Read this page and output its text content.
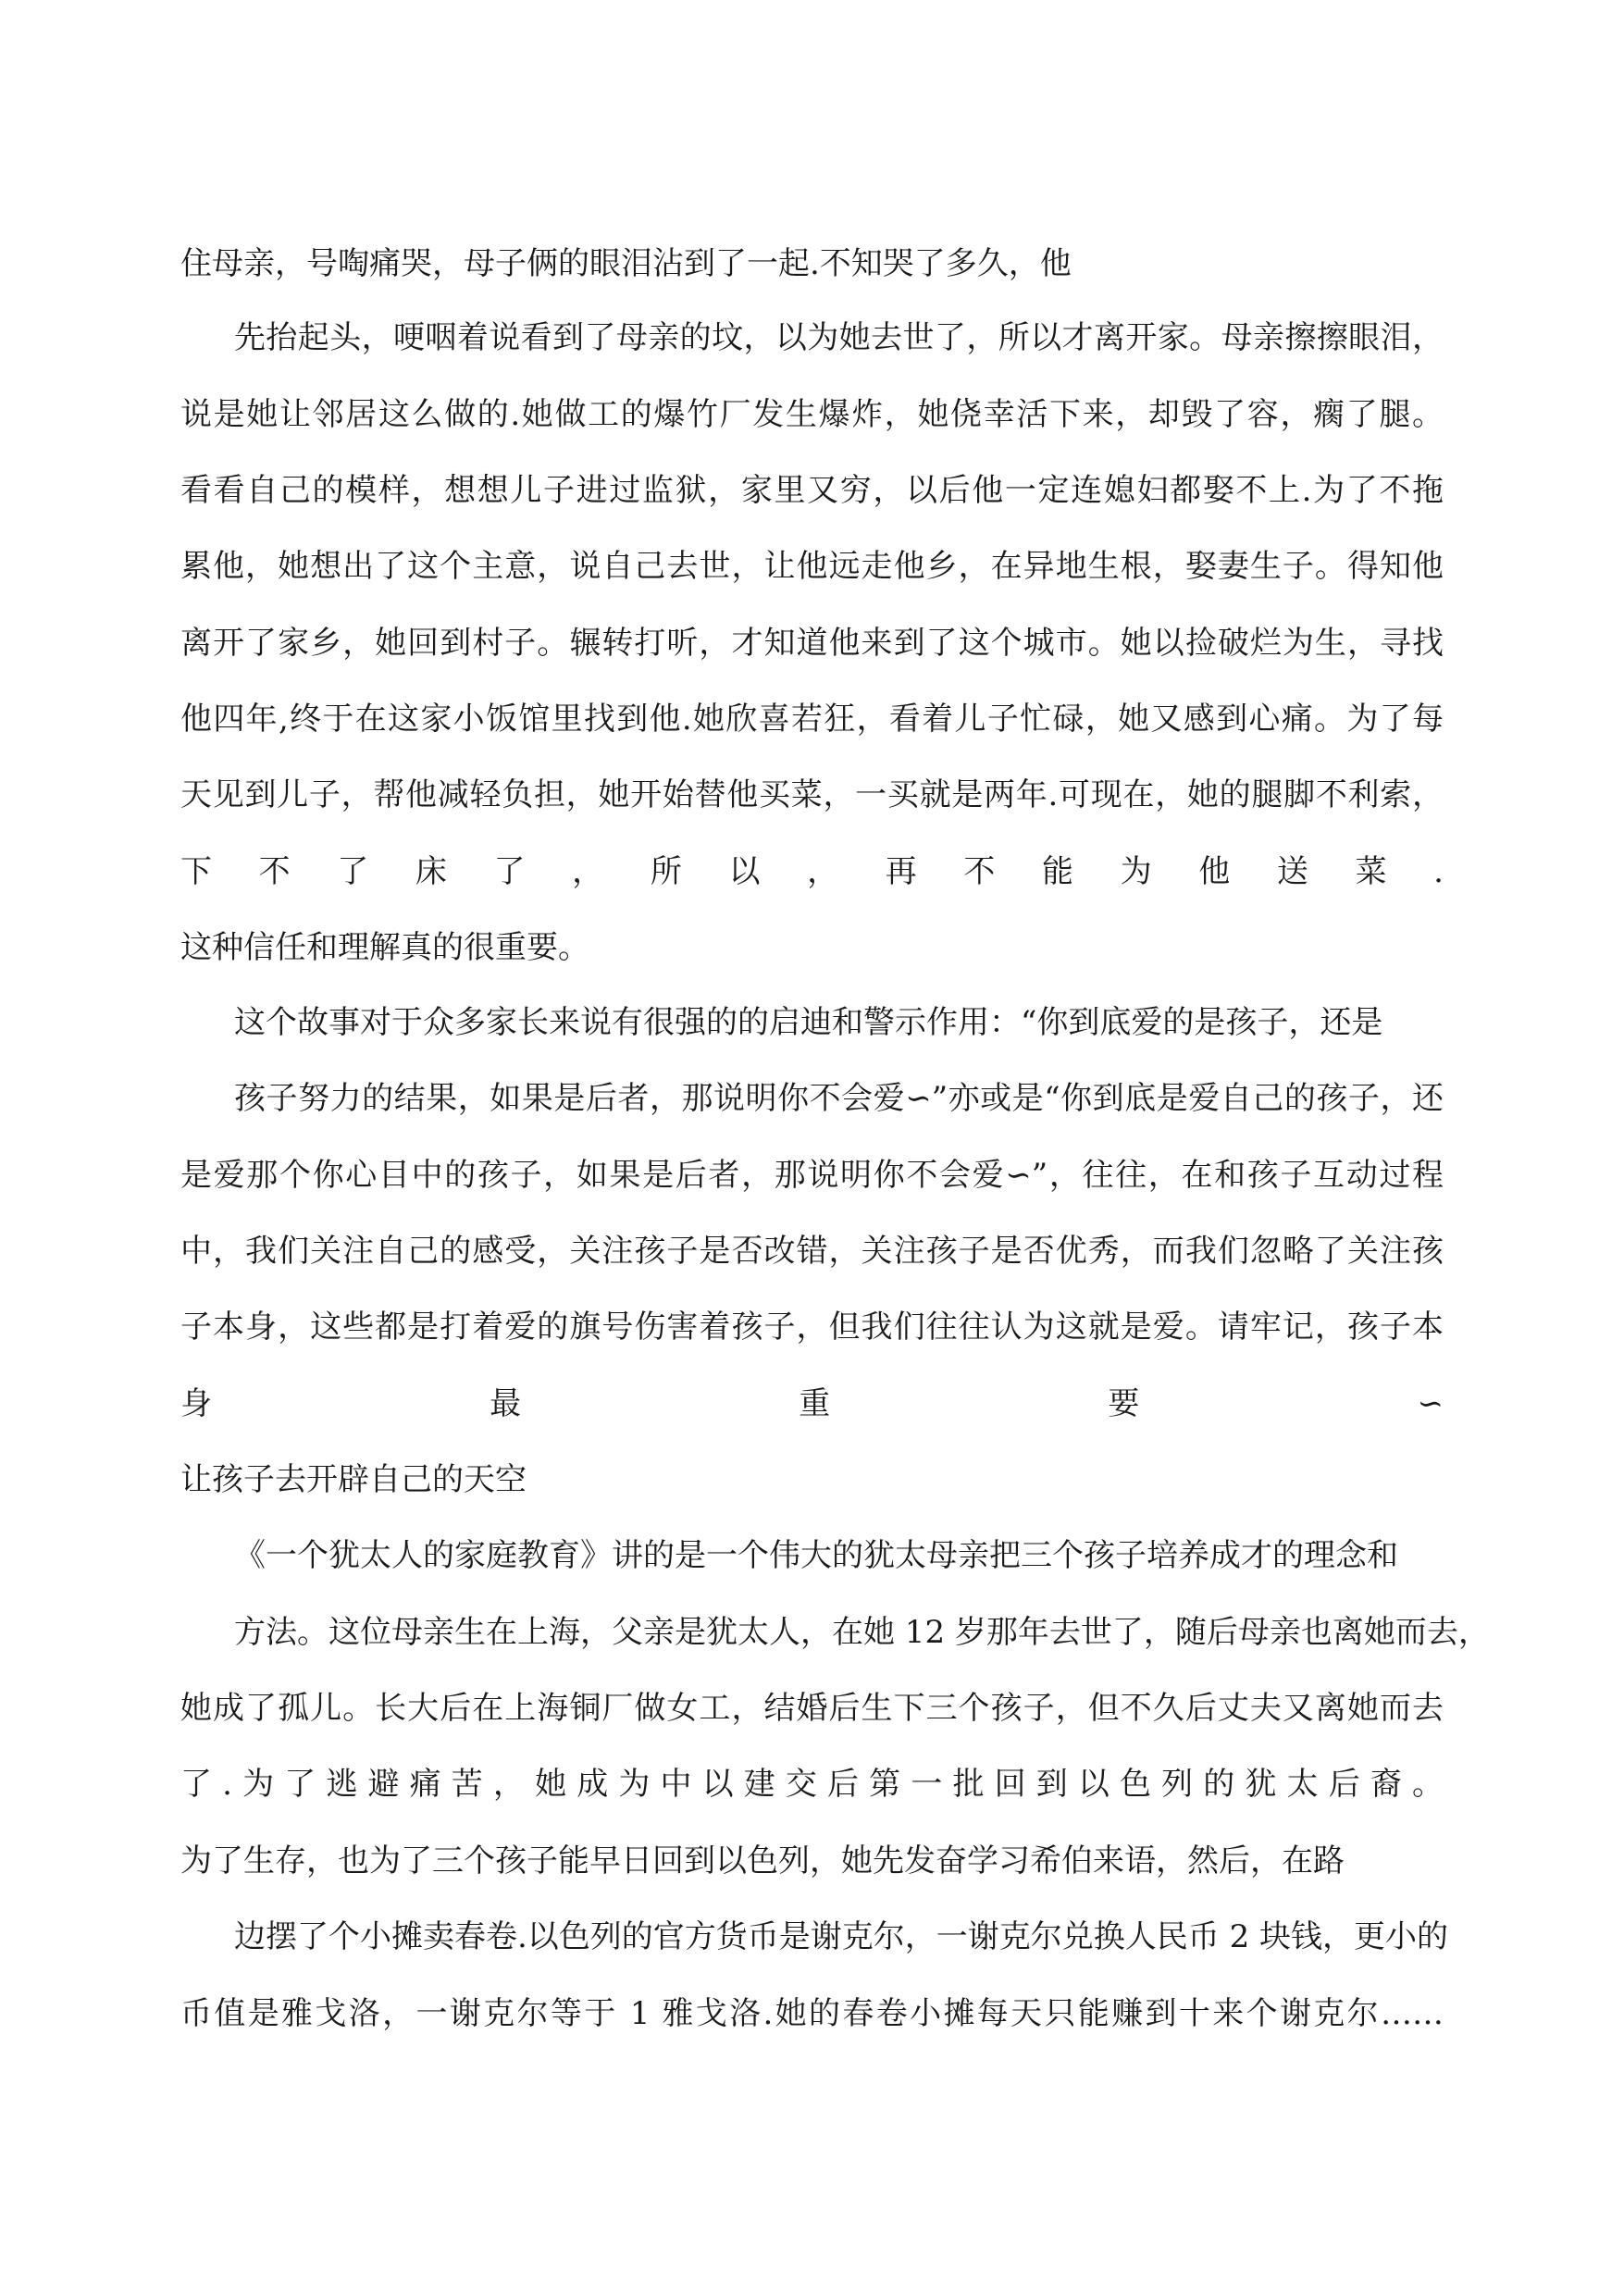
住母亲，号啕痛哭，母子俩的眼泪沾到了一起.不知哭了多久，他
先抬起头，哽咽着说看到了母亲的坟，以为她去世了，所以才离开家。母亲擦擦眼泪，
说是她让邻居这么做的.她做工的爆竹厂发生爆炸，她侥幸活下来，却毁了容，瘸了腿。
看看自己的模样，想想儿子进过监狱，家里又穷，以后他一定连媳妇都娶不上.为了不拖
累他，她想出了这个主意，说自己去世，让他远走他乡，在异地生根，娶妻生子。得知他
离开了家乡，她回到村子。辗转打听，才知道他来到了这个城市。她以捡破烂为生，寻找
他四年,终于在这家小饭馆里找到他.她欣喜若狂，看着儿子忙碌，她又感到心痛。为了每
天见到儿子，帮他减轻负担，她开始替他买菜，一买就是两年.可现在，她的腿脚不利索，
下不了床了，所以，再不能为他送菜.
这种信任和理解真的很重要。
这个故事对于众多家长来说有很强的的启迪和警示作用：“你到底爱的是孩子，还是
孩子努力的结果，如果是后者，那说明你不会爱∽”亦或是“你到底是爱自己的孩子，还
是爱那个你心目中的孩子，如果是后者，那说明你不会爱∽”，往往，在和孩子互动过程
中，我们关注自己的感受，关注孩子是否改错，关注孩子是否优秀，而我们忽略了关注孩
子本身，这些都是打着爱的旗号伤害着孩子，但我们往往认为这就是爱。请牢记，孩子本
身最重要∽
让孩子去开辟自己的天空
《一个犹太人的家庭教育》讲的是一个伟大的犹太母亲把三个孩子培养成才的理念和
方法。这位母亲生在上海，父亲是犹太人，在她 12 岁那年去世了，随后母亲也离她而去，
她成了孤儿。长大后在上海铜厂做女工，结婚后生下三个孩子，但不久后丈夫又离她而去
了.为了逃避痛苦，她成为中以建交后第一批回到以色列的犹太后裔。
为了生存，也为了三个孩子能早日回到以色列，她先发奋学习希伯来语，然后，在路
边摆了个小摊卖春卷.以色列的官方货币是谢克尔，一谢克尔兑换人民币 2 块钱，更小的
币值是雅戈洛，一谢克尔等于 1 雅戈洛.她的春卷小摊每天只能赚到十来个谢克尔……
